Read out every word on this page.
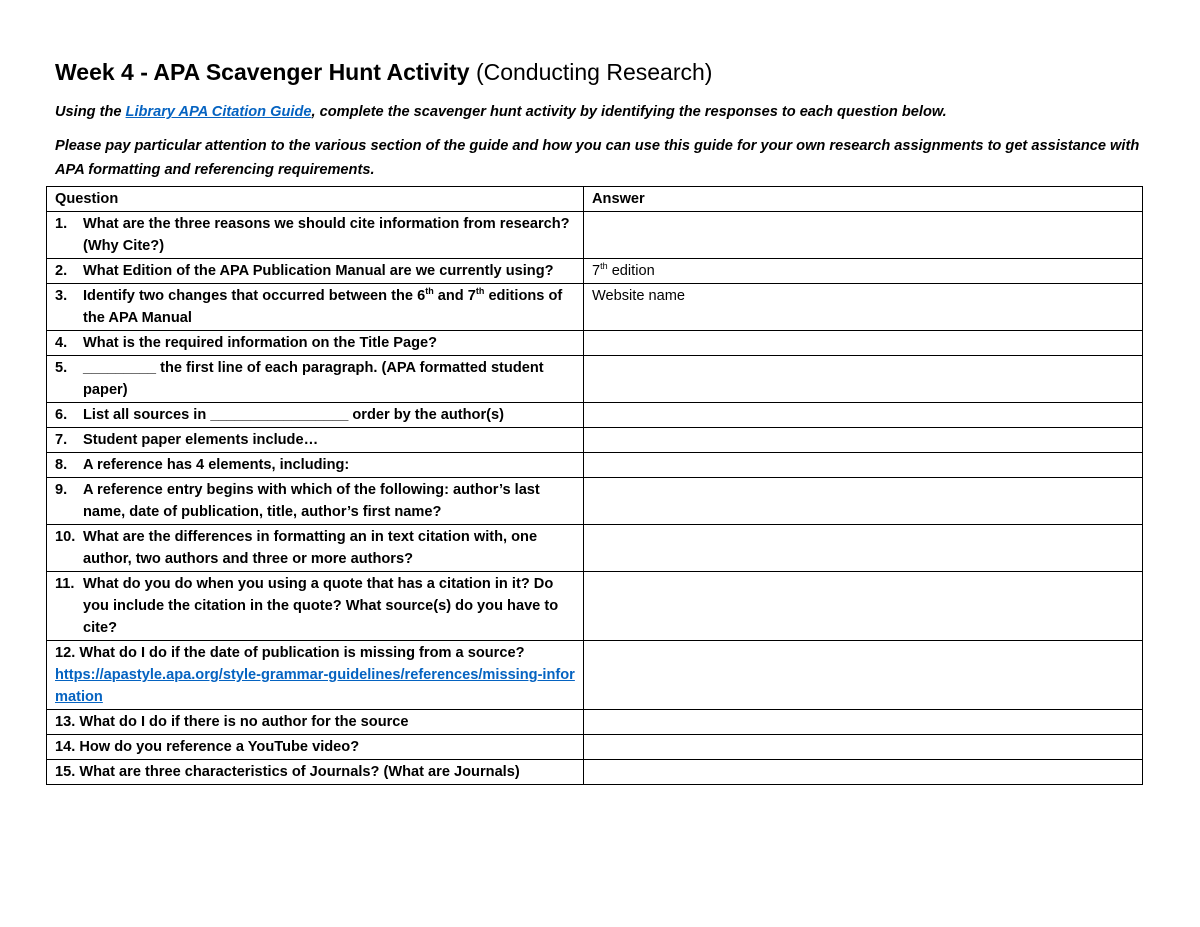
Week 4 - APA Scavenger Hunt Activity (Conducting Research)

Using the Library APA Citation Guide, complete the scavenger hunt activity by identifying the responses to each question below.

Please pay particular attention to the various section of the guide and how you can use this guide for your own research assignments to get assistance with APA formatting and referencing requirements.

Question	Answer

1. What are the three reasons we should cite information from research? (Why Cite?)	

2. What Edition of the APA Publication Manual are we currently using?	7th edition

3. Identify two changes that occurred between the 6th and 7th editions of the APA Manual	Website name

4. What is the required information on the Title Page?	

5. _________ the first line of each paragraph. (APA formatted student paper)	

6. List all sources in _________________ order by the author(s)	

7. Student paper elements include…	

8. A reference has 4 elements, including:	

9. A reference entry begins with which of the following: author’s last name, date of publication, title, author’s first name?	

10. What are the differences in formatting an in text citation with, one author, two authors and three or more authors?	

11. What do you do when you using a quote that has a citation in it? Do you include the citation in the quote? What source(s) do you have to cite?	

12. What do I do if the date of publication is missing from a source?
https://apastyle.apa.org/style-grammar-guidelines/references/missing-information	

13. What do I do if there is no author for the source	
14. How do you reference a YouTube video?	
15. What are three characteristics of Journals? (What are Journals)	
